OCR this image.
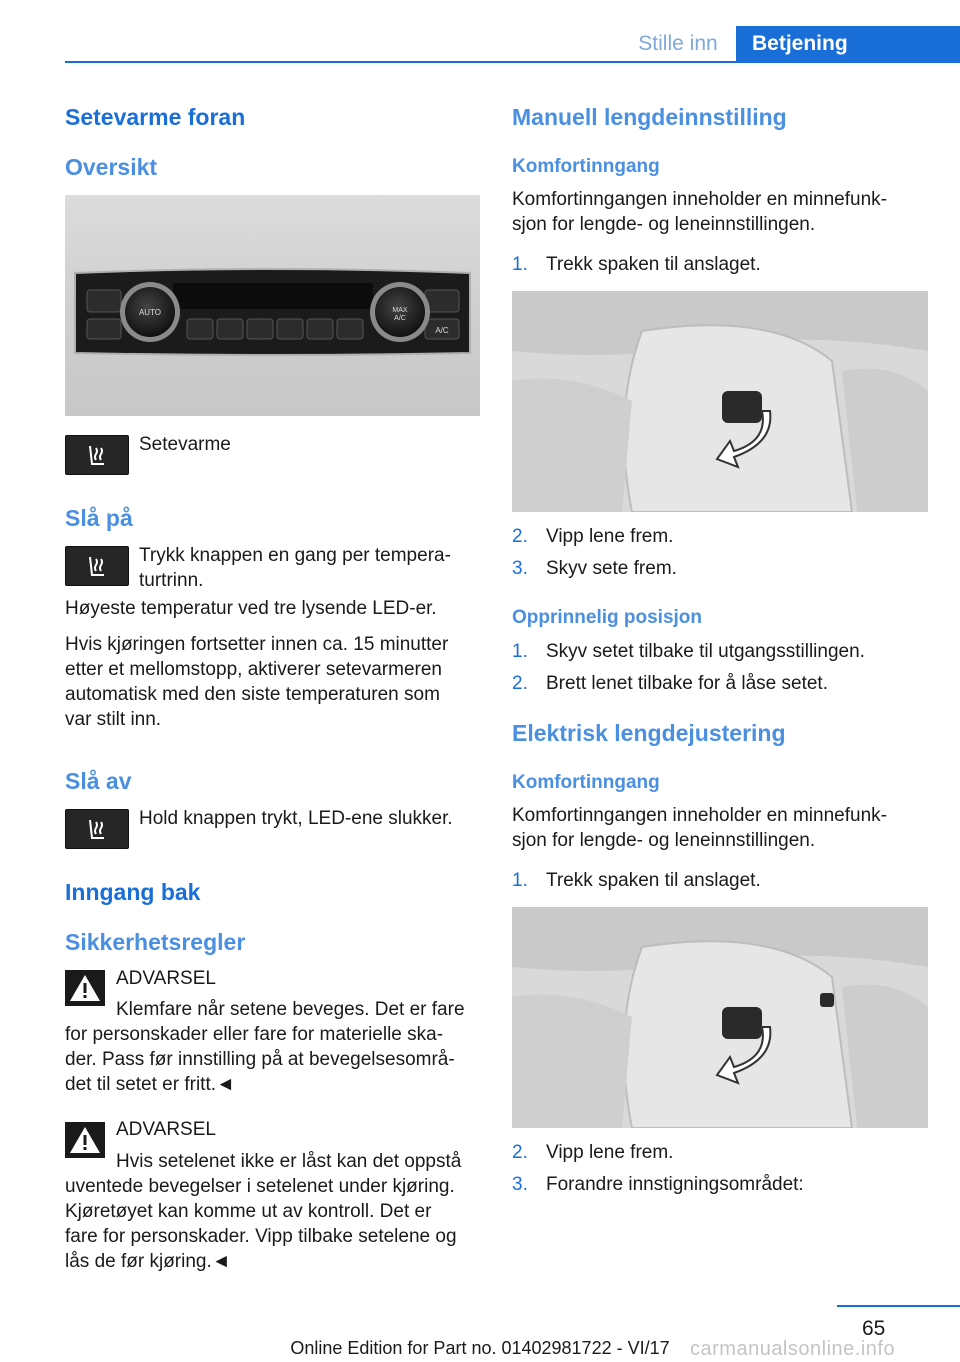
Stille inn	Betjening
Setevarme foran
Oversikt
AUTO	MAX A/C
A/C
Setevarme
Slå på
Trykk knappen en gang per tempera‐
turtrinn.
Høyeste temperatur ved tre lysende LED-er.
Hvis kjøringen fortsetter innen ca. 15 minutter
etter et mellomstopp, aktiverer setevarmeren
automatisk med den siste temperaturen som
var stilt inn.
Slå av
Hold knappen trykt, LED-ene slukker.
Inngang bak
Sikkerhetsregler
ADVARSEL
Klemfare når setene beveges. Det er fare
for personskader eller fare for materielle ska‐
der. Pass før innstilling på at bevegelsesområ‐
det til setet er fritt.◄
ADVARSEL
Hvis setelenet ikke er låst kan det oppstå
uventede bevegelser i setelenet under kjøring.
Kjøretøyet kan komme ut av kontroll. Det er
fare for personskader. Vipp tilbake setelene og
lås de før kjøring.◄
Manuell lengdeinnstilling
Komfortinngang
Komfortinngangen inneholder en minnefunk‐
sjon for lengde- og leneinnstillingen.
1. Trekk spaken til anslaget.
2. Vipp lene frem.
3. Skyv sete frem.
Opprinnelig posisjon
1. Skyv setet tilbake til utgangsstillingen.
2. Brett lenet tilbake for å låse setet.
Elektrisk lengdejustering
Komfortinngang
Komfortinngangen inneholder en minnefunk‐
sjon for lengde- og leneinnstillingen.
1. Trekk spaken til anslaget.
2. Vipp lene frem.
3. Forandre innstigningsområdet:
65
Online Edition for Part no. 01402981722 - VI/17	carmanualsonline.info
